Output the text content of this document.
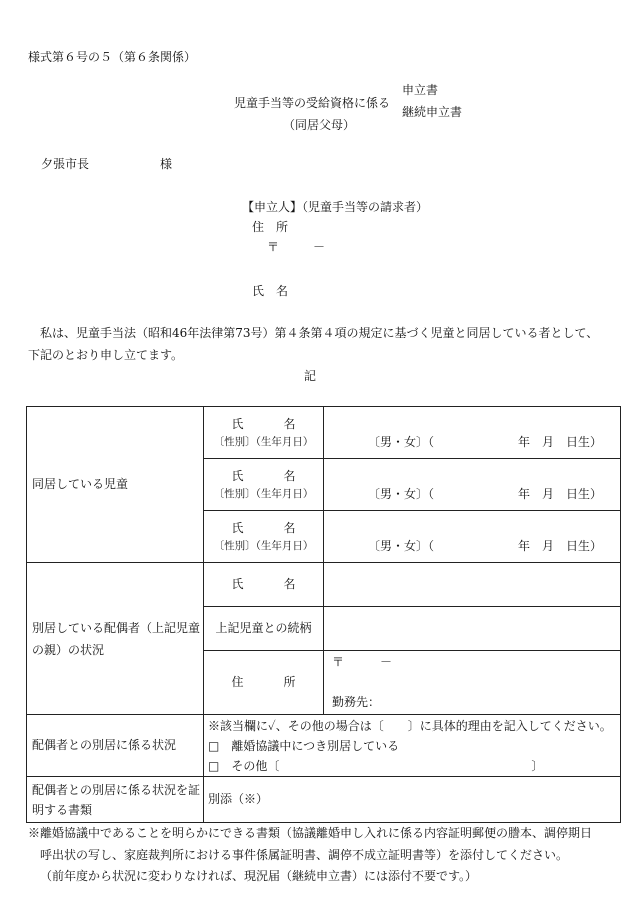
様式第６号の５（第６条関係）
児童手当等の受給資格に係る
申立書
継続申立書
（同居父母）
夕張市長	様
【申立人】（児童手当等の請求者）
住　所
〒	－
氏　名
私は、児童手当法（昭和46年法律第73号）第４条第４項の規定に基づく児童と同居している者として、
下記のとおり申し立てます。
記
同居している児童	氏　名
〔性別〕（生年月日）	〔男・女〕（　　　　　　　年　月　日生）

	氏　名
〔性別〕（生年月日）	〔男・女〕（　　　　　　　年　月　日生）

	氏　名
〔性別〕（生年月日）	〔男・女〕（　　　　　　　年　月　日生）

別居している配偶者（上記児童の親）の状況	氏　名	
	上記児童との続柄	
	住　所	〒　　　－
勤務先：

配偶者との別居に係る状況	※該当欄に✓、その他の場合は〔　　〕に具体的理由を記入してください。
□　離婚協議中につき別居している
□　その他〔　　　　　　　　　　　　　　　　　　　　　〕	

配偶者との別居に係る状況を証明する書類	別添（※）	
※離婚協議中であることを明らかにできる書類（協議離婚申し入れに係る内容証明郵便の謄本、調停期日
呼出状の写し、家庭裁判所における事件係属証明書、調停不成立証明書等）を添付してください。
（前年度から状況に変わりなければ、現況届（継続申立書）には添付不要です。）
